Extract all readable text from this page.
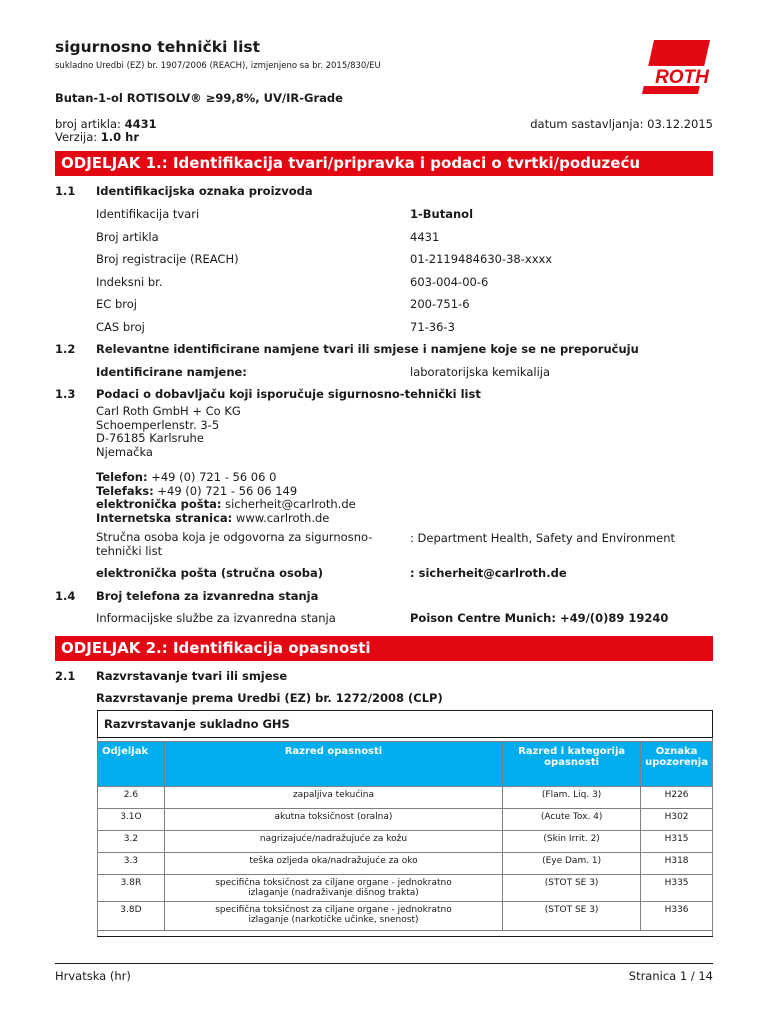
sigurnosno tehnički list
sukladno Uredbi (EZ) br. 1907/2006 (REACH), izmjenjeno sa br. 2015/830/EU
Butan-1-ol ROTISOLV® ≥99,8%, UV/IR-Grade
broj artikla: 4431
Verzija: 1.0 hr
datum sastavljanja: 03.12.2015
ROTH
CARL
®
ODJELJAK 1.: Identifikacija tvari/pripravka i podaci o tvrtki/poduzeću
1.1 Identifikacijska oznaka proizvoda
Identifikacija tvari	1-Butanol
Broj artikla	4431
Broj registracije (REACH)	01-2119484630-38-xxxx
Indeksni br.	603-004-00-6
EC broj	200-751-6
CAS broj	71-36-3
1.2 Relevantne identificirane namjene tvari ili smjese i namjene koje se ne preporučuju
Identificirane namjene:	laboratorijska kemikalija
1.3 Podaci o dobavljaču koji isporučuje sigurnosno-tehnički list
Carl Roth GmbH + Co KG
Schoemperlenstr. 3-5
D-76185 Karlsruhe
Njemačka
Telefon: +49 (0) 721 - 56 06 0
Telefaks: +49 (0) 721 - 56 06 149
elektronička pošta: sicherheit@carlroth.de
Internetska stranica: www.carlroth.de
Stručna osoba koja je odgovorna za sigurnosno-
tehnički list
: Department Health, Safety and Environment
elektronička pošta (stručna osoba)	: sicherheit@carlroth.de
1.4 Broj telefona za izvanredna stanja
Informacijske službe za izvanredna stanja	Poison Centre Munich: +49/(0)89 19240
ODJELJAK 2.: Identifikacija opasnosti
2.1 Razvrstavanje tvari ili smjese
Razvrstavanje prema Uredbi (EZ) br. 1272/2008 (CLP)
Razvrstavanje sukladno GHS			

Odjeljak	Razred opasnosti	Razred i kategorija opasnosti	Oznaka upozorenja
2.6	zapaljiva tekućina	(Flam. Liq. 3)	H226
3.1O	akutna toksičnost (oralna)	(Acute Tox. 4)	H302
3.2	nagrizajuće/nadražujuće za kožu	(Skin Irrit. 2)	H315
3.3	teška ozljeda oka/nadražujuće za oko	(Eye Dam. 1)	H318
3.8R	specifična toksičnost za ciljane organe - jednokratno izlaganje (nadraživanje dišnog trakta)	(STOT SE 3)	H335
3.8D	specifična toksičnost za ciljane organe - jednokratno izlaganje (narkotičke učinke, snenost)	(STOT SE 3)	H336

Hrvatska (hr)	Stranica 1 / 14
